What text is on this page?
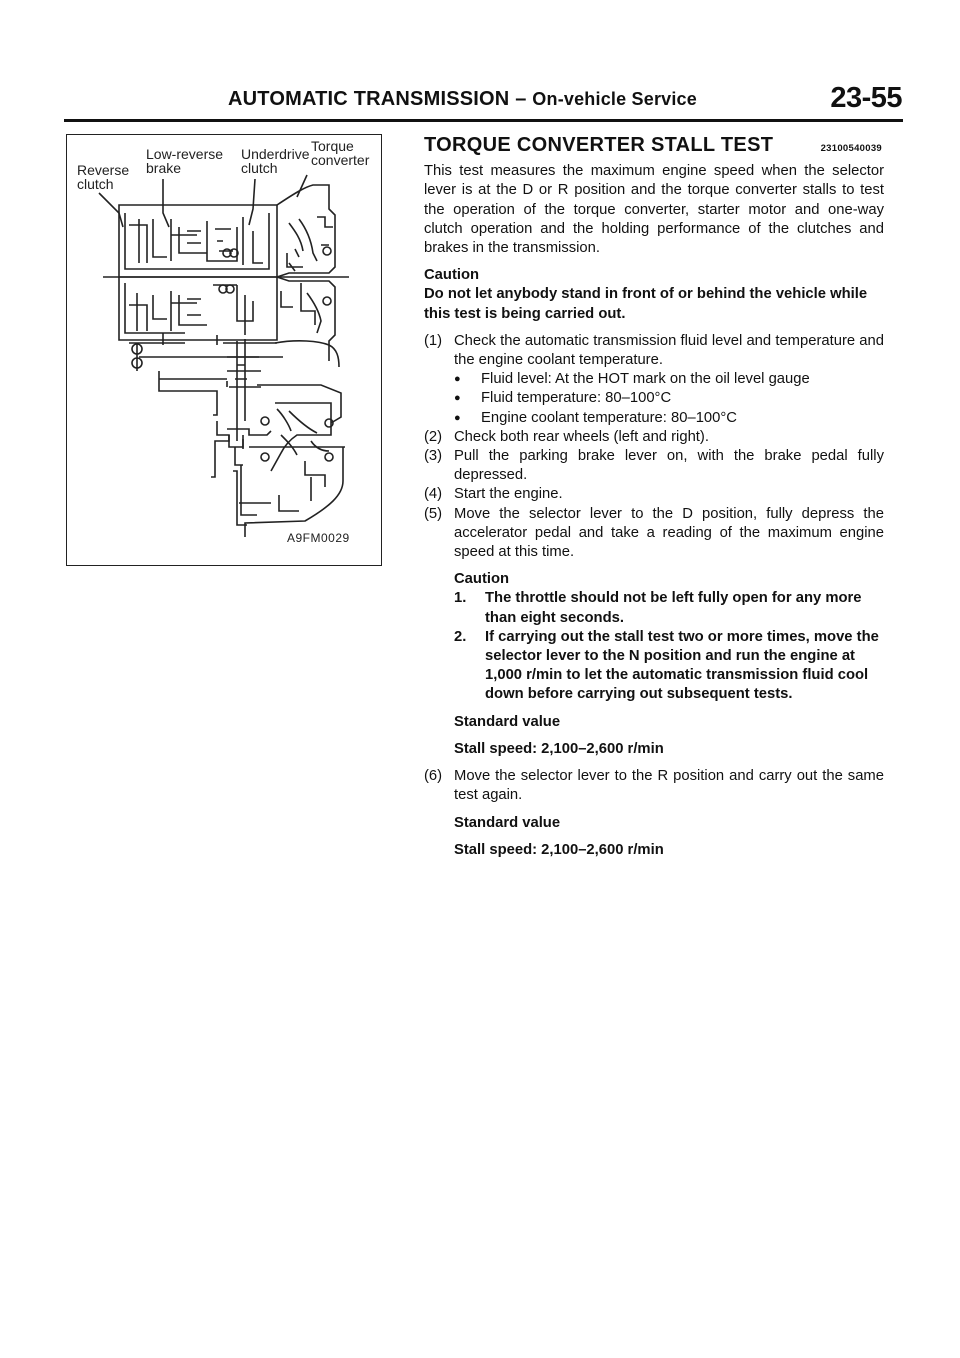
AUTOMATIC TRANSMISSION – On-vehicle Service	23-55
Reverse
clutch
Low-reverse
brake
Underdrive
clutch
Torque
converter
A9FM0029
TORQUE CONVERTER STALL TEST	23100540039

This test measures the maximum engine speed when the selector lever is at the D or R position and the torque converter stalls to test the operation of the torque converter, starter motor and one-way clutch operation and the holding performance of the clutches and brakes in the transmission.

Caution

Do not let anybody stand in front of or behind the vehicle while this test is being carried out.

(1) Check the automatic transmission fluid level and temperature and the engine coolant temperature.
●	Fluid level: At the HOT mark on the oil level gauge
●	Fluid temperature: 80–100°C
●	Engine coolant temperature: 80–100°C
(2) Check both rear wheels (left and right).
(3) Pull the parking brake lever on, with the brake pedal fully depressed.
(4) Start the engine.
(5) Move the selector lever to the D position, fully depress the accelerator pedal and take a reading of the maximum engine speed at this time.

Caution

1.	The throttle should not be left fully open for any more than eight seconds.
2.	If carrying out the stall test two or more times, move the selector lever to the N position and run the engine at 1,000 r/min to let the automatic transmission fluid cool down before carrying out subsequent tests.

Standard value

Stall speed: 2,100–2,600 r/min

(6) Move the selector lever to the R position and carry out the same test again.

Standard value

Stall speed: 2,100–2,600 r/min
